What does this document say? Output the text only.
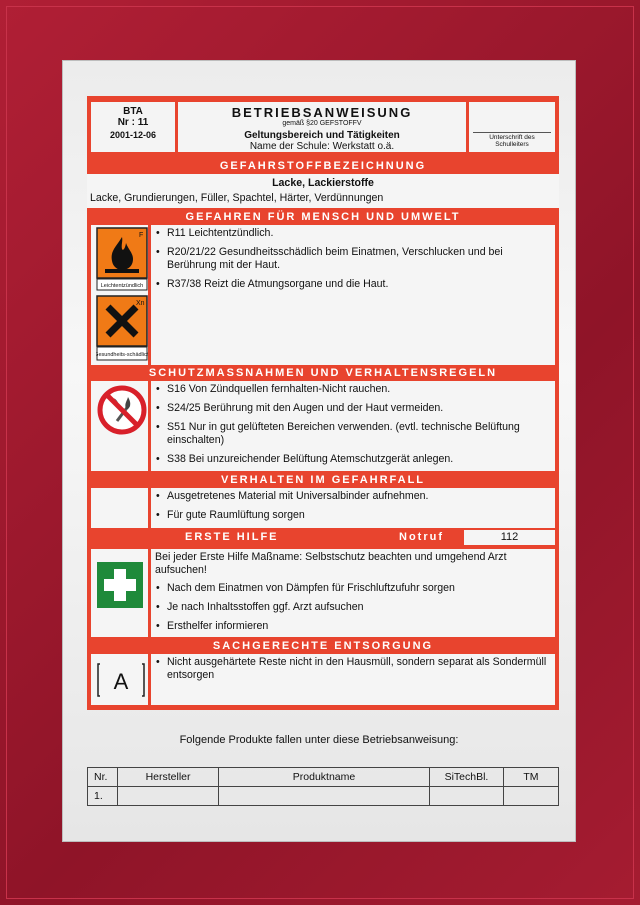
BTA
Nr : 11
2001-12-06
BETRIEBSANWEISUNG
gemäß §20 GEFSTOFFV
Geltungsbereich und Tätigkeiten
Name der Schule: Werkstatt o.ä.
Unterschrift des Schulleiters
GEFAHRSTOFFBEZEICHNUNG
Lacke, Lackierstoffe
Lacke, Grundierungen, Füller, Spachtel, Härter, Verdünnungen
GEFAHREN FÜR MENSCH UND UMWELT
F
Leichtentzündlich
Xn
Gesundheits-schädlich
• R11 Leichtentzündlich.
• R20/21/22 Gesundheitsschädlich beim Einatmen, Verschlucken und bei Berührung mit der Haut.
• R37/38 Reizt die Atmungsorgane und die Haut.
SCHUTZMASSNAHMEN UND VERHALTENSREGELN
• S16 Von Zündquellen fernhalten-Nicht rauchen.
• S24/25 Berührung mit den Augen und der Haut vermeiden.
• S51 Nur in gut gelüfteten Bereichen verwenden. (evtl. technische Belüftung einschalten)
• S38 Bei unzureichender Belüftung Atemschutzgerät anlegen.
VERHALTEN IM GEFAHRFALL
• Ausgetretenes Material mit Universalbinder aufnehmen.
• Für gute Raumlüftung sorgen
ERSTE HILFE	Notruf	112
Bei jeder Erste Hilfe Maßname: Selbstschutz beachten und umgehend Arzt aufsuchen!
• Nach dem Einatmen von Dämpfen für Frischluftzufuhr sorgen
• Je nach Inhaltsstoffen ggf. Arzt aufsuchen
• Ersthelfer informieren
SACHGERECHTE ENTSORGUNG
A
• Nicht ausgehärtete Reste nicht in den Hausmüll, sondern separat als Sondermüll entsorgen
Folgende Produkte fallen unter diese Betriebsanweisung:
Nr.	Hersteller	Produktname	SiTechBl.	TM
1.				
